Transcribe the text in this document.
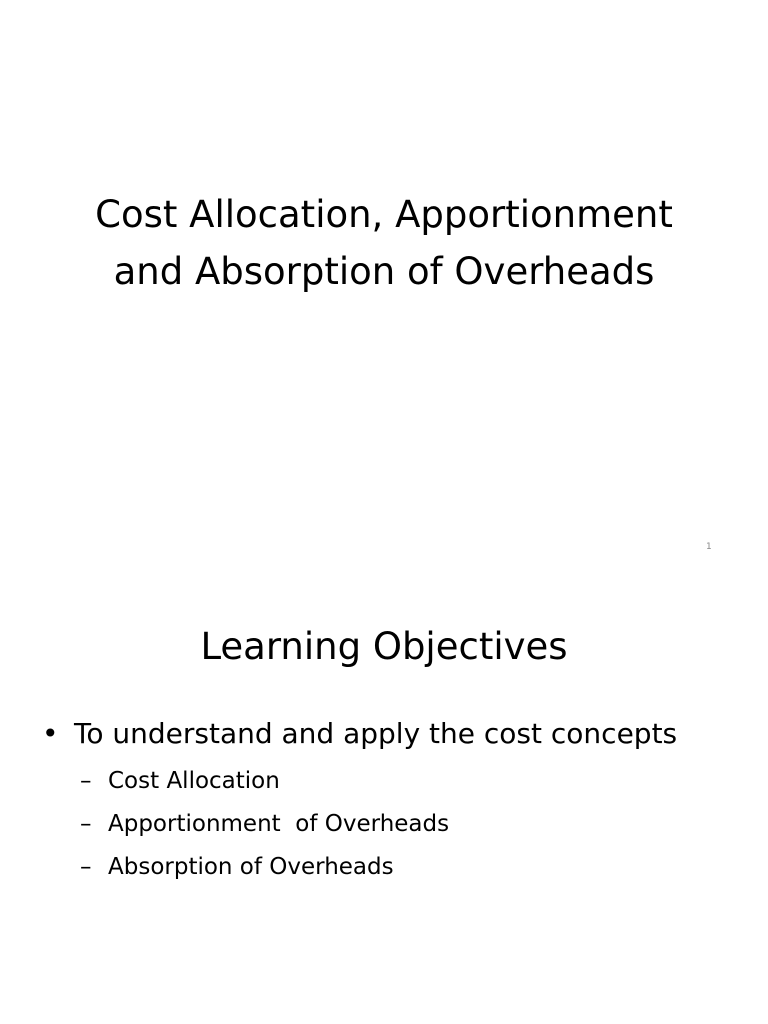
Cost Allocation, Apportionment
and Absorption of Overheads
1
Learning Objectives
• To understand and apply the cost concepts
– Cost Allocation
– Apportionment  of Overheads
– Absorption of Overheads
